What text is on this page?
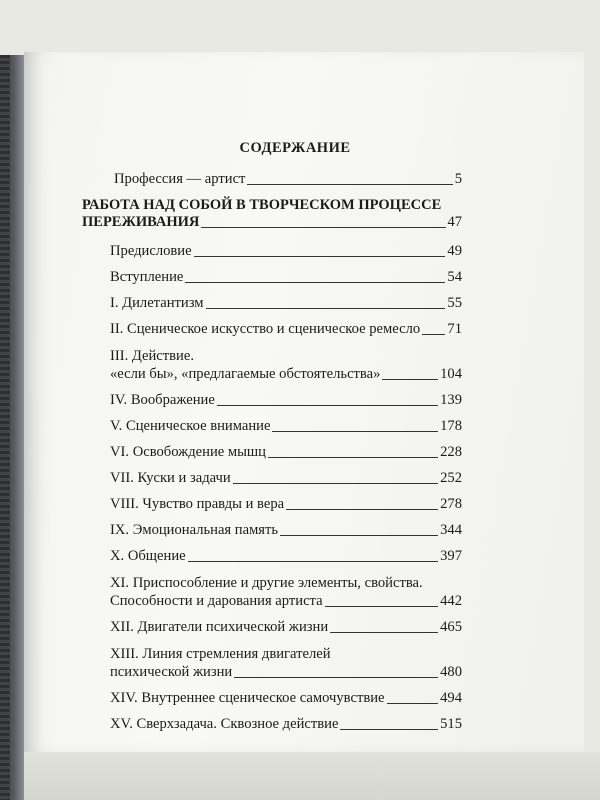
СОДЕРЖАНИЕ
Профессия — артист	5
РАБОТА НАД СОБОЙ В ТВОРЧЕСКОМ ПРОЦЕССЕ
ПЕРЕЖИВАНИЯ	47
Предисловие	49
Вступление	54
I. Дилетантизм	55
II. Сценическое искусство и сценическое ремесло 71
III. Действие.
«если бы», «предлагаемые обстоятельства»	104
IV. Воображение	139
V. Сценическое внимание	178
VI. Освобождение мышц	228
VII. Куски и задачи	252
VIII. Чувство правды и вера	278
IX. Эмоциональная память	344
X. Общение	397
XI. Приспособление и другие элементы, свойства.
Способности и дарования артиста	442
XII. Двигатели психической жизни	465
XIII. Линия стремления двигателей
психической жизни	480
XIV. Внутреннее сценическое самочувствие	494
XV. Сверхзадача. Сквозное действие	515
